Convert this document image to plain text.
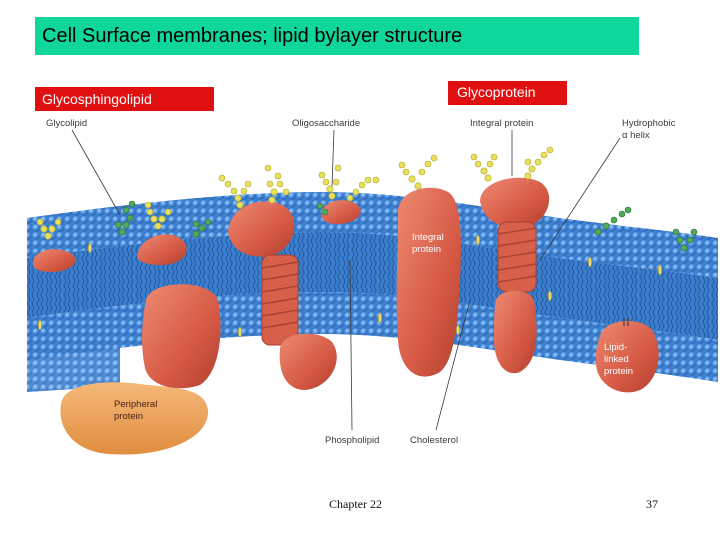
Cell Surface membranes; lipid bylayer structure
Glycolipid	Oligosaccharide	Integral protein	Hydrophobic
α helix
Integral
protein
Peripheral
protein
Lipid-
linked
protein
Phospholipid	Cholesterol
Glycosphingolipid	Glycoprotein
Chapter 22	37
